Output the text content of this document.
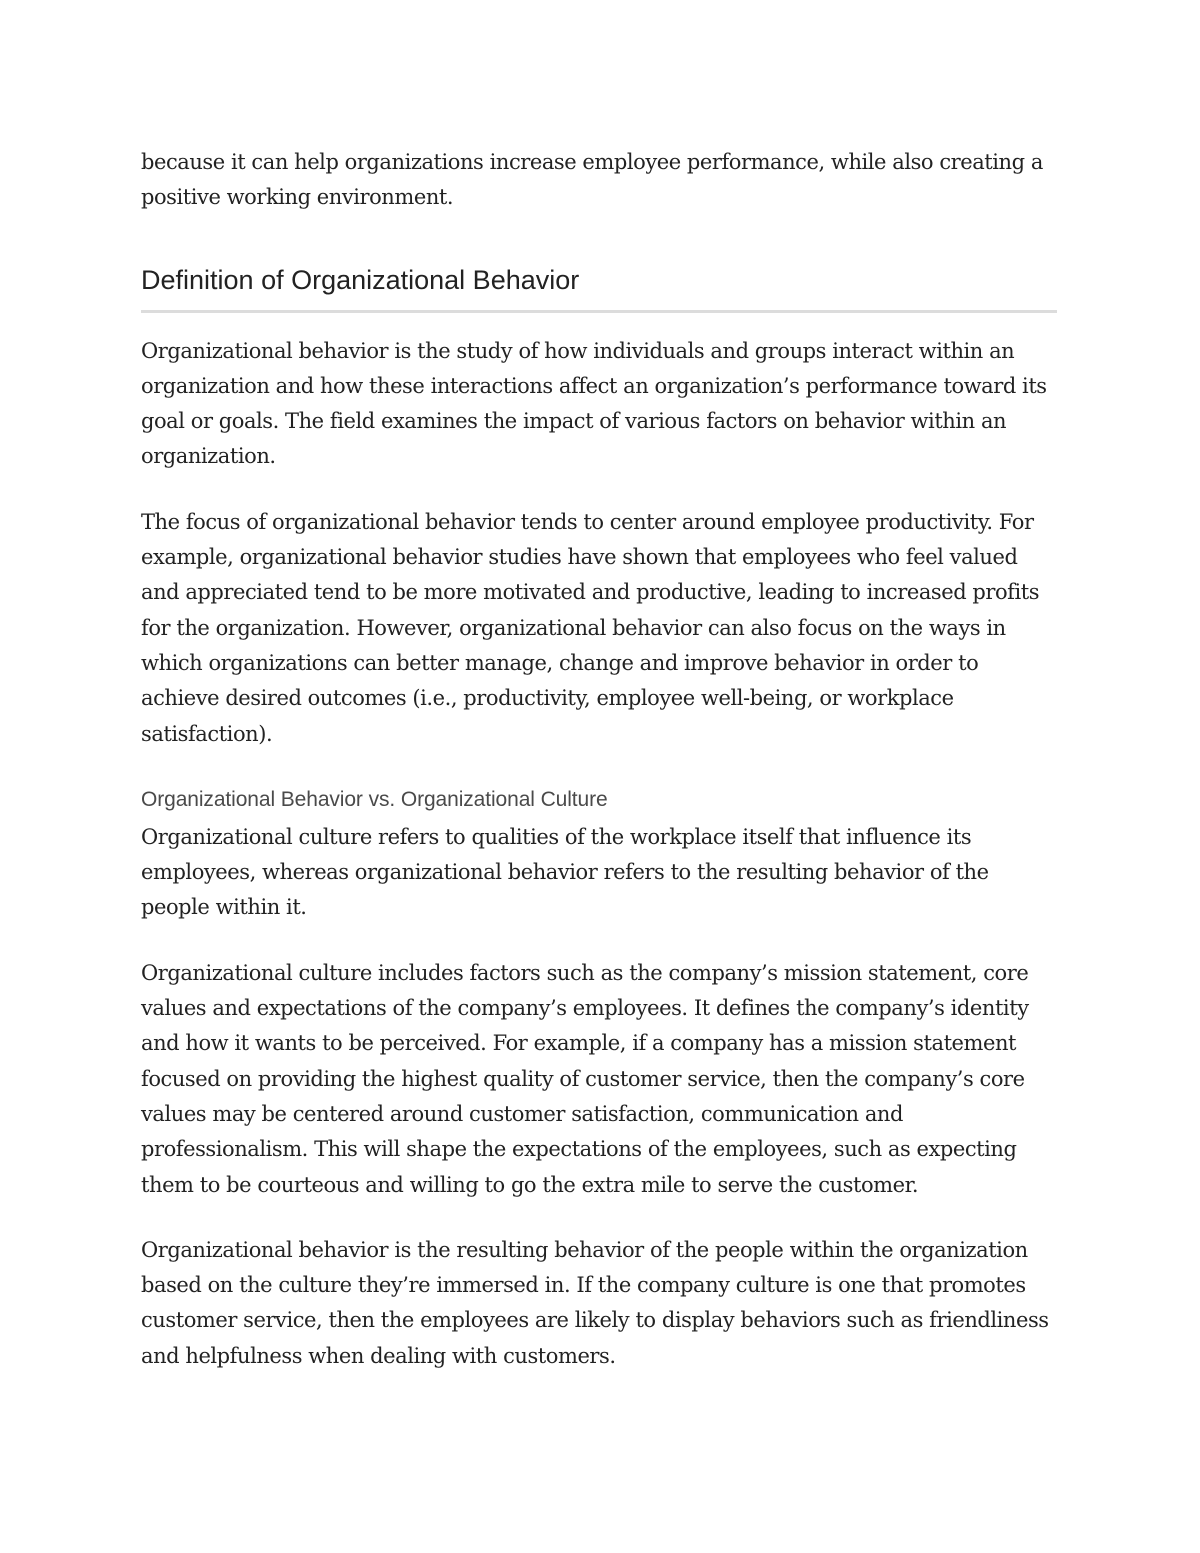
because it can help organizations increase employee performance, while also creating a positive working environment.

Definition of Organizational Behavior

Organizational behavior is the study of how individuals and groups interact within an organization and how these interactions affect an organization’s performance toward its goal or goals. The field examines the impact of various factors on behavior within an organization.

The focus of organizational behavior tends to center around employee productivity. For example, organizational behavior studies have shown that employees who feel valued and appreciated tend to be more motivated and productive, leading to increased profits for the organization. However, organizational behavior can also focus on the ways in which organizations can better manage, change and improve behavior in order to achieve desired outcomes (i.e., productivity, employee well-being, or workplace satisfaction).

Organizational Behavior vs. Organizational Culture

Organizational culture refers to qualities of the workplace itself that influence its employees, whereas organizational behavior refers to the resulting behavior of the people within it.

Organizational culture includes factors such as the company’s mission statement, core values and expectations of the company’s employees. It defines the company’s identity and how it wants to be perceived. For example, if a company has a mission statement focused on providing the highest quality of customer service, then the company’s core values may be centered around customer satisfaction, communication and professionalism. This will shape the expectations of the employees, such as expecting them to be courteous and willing to go the extra mile to serve the customer.

Organizational behavior is the resulting behavior of the people within the organization based on the culture they’re immersed in. If the company culture is one that promotes customer service, then the employees are likely to display behaviors such as friendliness and helpfulness when dealing with customers.
